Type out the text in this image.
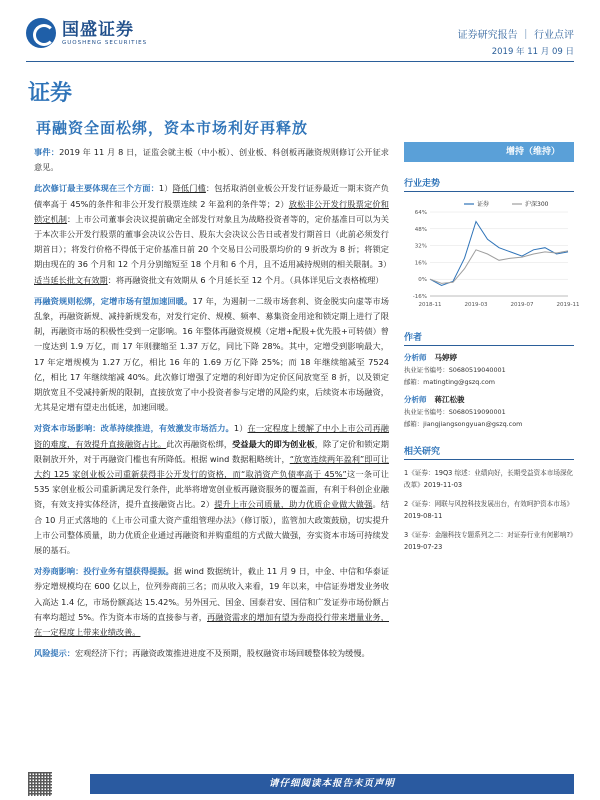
国盛证券
GUOSHENG SECURITIES
证券研究报告 ｜ 行业点评
2019 年 11 月 09 日
证券
再融资全面松绑，资本市场利好再释放

事件：2019 年 11 月 8 日，证监会就主板（中小板）、创业板、科创板再融资规则修订公开征求意见。

此次修订最主要体现在三个方面：1）降低门槛：包括取消创业板公开发行证券最近一期末资产负债率高于 45%的条件和非公开发行股票连续 2 年盈利的条件等；2）放松非公开发行股票定价和锁定机制：上市公司董事会决议提前确定全部发行对象且为战略投资者等的，定价基准日可以为关于本次非公开发行股票的董事会决议公告日、股东大会决议公告日或者发行期首日（此前必须发行期首日）；将发行价格不得低于定价基准日前 20 个交易日公司股票均价的 9 折改为 8 折；将锁定期由现在的 36 个月和 12 个月分别缩短至 18 个月和 6 个月，且不适用减持规则的相关限制。3）适当延长批文有效期：将再融资批文有效期从 6 个月延长至 12 个月。（具体详见后文表格梳理）

再融资规则松绑，定增市场有望加速回暖。17 年，为遏制一二级市场套利、资金脱实向虚等市场乱象，再融资新规、减持新规发布，对发行定价、规模、频率、募集资金用途和锁定期上进行了限制，再融资市场的积极性受到一定影响。16 年整体再融资规模（定增+配股+优先股+可转债）曾一度达到 1.9 万亿，而 17 年则骤缩至 1.37 万亿，同比下降 28%。其中，定增受到影响最大，17 年定增规模为 1.27 万亿，相比 16 年的 1.69 万亿下降 25%；而 18 年继续缩减至 7524 亿，相比 17 年继续缩减 40%。此次修订增强了定增的利好即为定价区间放宽至 8 折，以及锁定期放宽且不受减持新规的限制，直接放宽了中小投资者参与定增的风险约束，后续资本市场融资，尤其是定增有望走出低迷，加速回暖。

对资本市场影响：改革持续推进，有效激发市场活力。1）在一定程度上缓解了中小上市公司再融资的难度，有效提升直接融资占比。此次再融资松绑，受益最大的即为创业板，除了定价和锁定期限制放开外，对于再融资门槛也有所降低。根据 wind 数据粗略统计，“放宽连续两年盈利”即可让大约 125 家创业板公司重新获得非公开发行的资格，而“取消资产负债率高于 45%”这一条可让 535 家创业板公司重新满足发行条件，此举将增宽创业板再融资服务的覆盖面，有利于科创企业融资，有效支持实体经济，提升直接融资占比。2）提升上市公司质量，助力优质企业做大做强。结合 10 月正式落地的《上市公司重大资产重组管理办法》（修订版），监管加大政策鼓励，切实提升上市公司整体质量，助力优质企业通过再融资和并购重组的方式做大做强，夯实资本市场可持续发展的基石。

对券商影响：投行业务有望获得提振。据 wind 数据统计，截止 11 月 9 日，中金、中信和华泰证券定增规模均在 600 亿以上，位列券商前三名；而从收入来看，19 年以来，中信证券增发业务收入高达 1.4 亿，市场份额高达 15.42%。另外国元、国金、国泰君安、国信和广发证券市场份额占有率均超过 5%。作为资本市场的直接参与者，再融资需求的增加有望为券商投行带来增量业务，在一定程度上带来业绩改善。

风险提示：宏观经济下行；再融资政策推进进度不及预期，股权融资市场回暖整体较为缓慢。

增持（维持）
行业走势
-16%
0%
16%
32%
48%
64%
2018-11	2019-03	2019-07	2019-11
证券	沪深300
作者
分析师 马婷婷
执业证书编号：S0680519040001
邮箱：matingting@gszq.com
分析师 蒋江松骏
执业证书编号：S0680519090001
邮箱：jiangjiangsongyuan@gszq.com
相关研究
1《证券：19Q3 综述：业绩向好，长期受益资本市场深化改革》2019-11-03
2《证券：网联与风控科技发展出台，有效呵护资本市场》2019-08-11
3《证券：金融科技专题系列之二：对证券行业有何影响?》2019-07-23
请仔细阅读本报告末页声明
